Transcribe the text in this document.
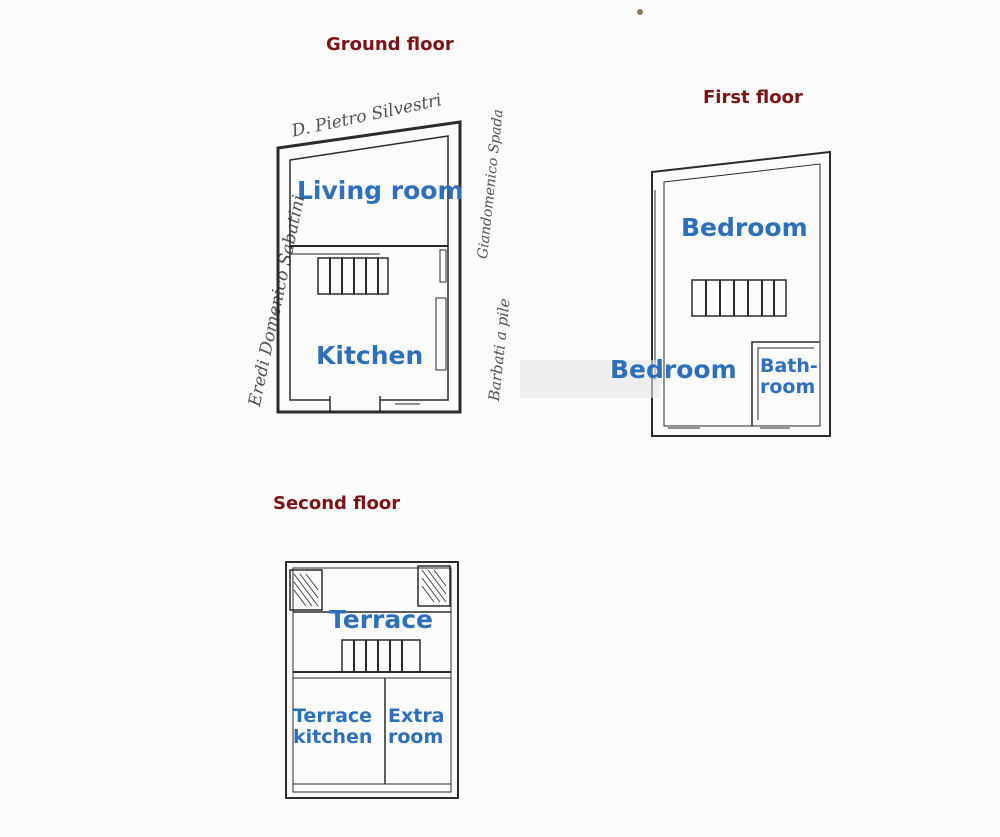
Ground floor
First floor
Second floor
Living room
Kitchen
Bedroom
Bedroom Bath-
room
Terrace
Terrace
kitchen
Extra
room
D. Pietro Silvestri
Eredi Domenico Sabatini
Giandomenico Spada
Barbati a pile
